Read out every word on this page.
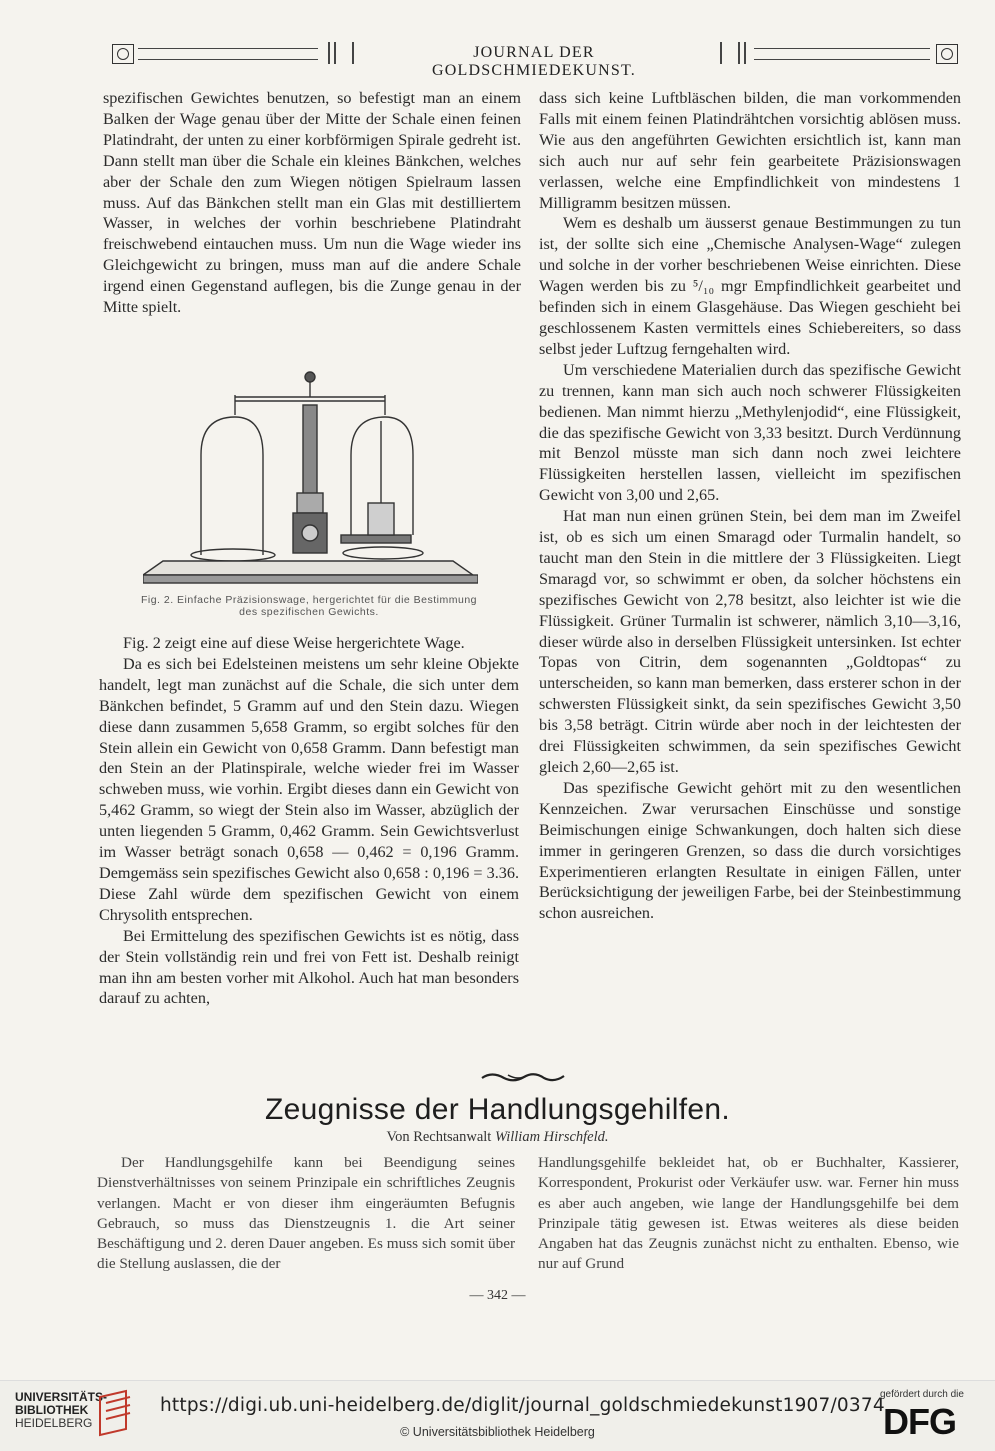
JOURNAL DER GOLDSCHMIEDEKUNST.

spezifischen Gewichtes benutzen, so befestigt man an einem Balken der Wage genau über der Mitte der Schale einen feinen Platindraht, der unten zu einer korbförmigen Spirale gedreht ist. Dann stellt man über die Schale ein kleines Bänkchen, welches aber der Schale den zum Wiegen nötigen Spielraum lassen muss. Auf das Bänkchen stellt man ein Glas mit destilliertem Wasser, in welches der vorhin beschriebene Platindraht freischwebend eintauchen muss. Um nun die Wage wieder ins Gleichgewicht zu bringen, muss man auf die andere Schale irgend einen Gegenstand auflegen, bis die Zunge genau in der Mitte spielt.

Fig. 2. Einfache Präzisionswage, hergerichtet für die Bestimmung
des spezifischen Gewichts.

Fig. 2 zeigt eine auf diese Weise hergerichtete Wage.

Da es sich bei Edelsteinen meistens um sehr kleine Objekte handelt, legt man zunächst auf die Schale, die sich unter dem Bänkchen befindet, 5 Gramm auf und den Stein dazu. Wiegen diese dann zusammen 5,658 Gramm, so ergibt solches für den Stein allein ein Gewicht von 0,658 Gramm. Dann befestigt man den Stein an der Platinspirale, welche wieder frei im Wasser schweben muss, wie vorhin. Ergibt dieses dann ein Gewicht von 5,462 Gramm, so wiegt der Stein also im Wasser, abzüglich der unten liegenden 5 Gramm, 0,462 Gramm. Sein Gewichtsverlust im Wasser beträgt sonach 0,658 — 0,462 = 0,196 Gramm. Demgemäss sein spezifisches Gewicht also 0,658 : 0,196 = 3.36. Diese Zahl würde dem spezifischen Gewicht von einem Chrysolith entsprechen.

Bei Ermittelung des spezifischen Gewichts ist es nötig, dass der Stein vollständig rein und frei von Fett ist. Deshalb reinigt man ihn am besten vorher mit Alkohol. Auch hat man besonders darauf zu achten,

dass sich keine Luftbläschen bilden, die man vorkommenden Falls mit einem feinen Platindrähtchen vorsichtig ablösen muss. Wie aus den angeführten Gewichten ersichtlich ist, kann man sich auch nur auf sehr fein gearbeitete Präzisionswagen verlassen, welche eine Empfindlichkeit von mindestens 1 Milligramm besitzen müssen.

Wem es deshalb um äusserst genaue Bestimmungen zu tun ist, der sollte sich eine „Chemische Analysen-Wage“ zulegen und solche in der vorher beschriebenen Weise einrichten. Diese Wagen werden bis zu ⁵/₁₀ mgr Empfindlichkeit gearbeitet und befinden sich in einem Glasgehäuse. Das Wiegen geschieht bei geschlossenem Kasten vermittels eines Schiebereiters, so dass selbst jeder Luftzug ferngehalten wird.

Um verschiedene Materialien durch das spezifische Gewicht zu trennen, kann man sich auch noch schwerer Flüssigkeiten bedienen. Man nimmt hierzu „Methylenjodid“, eine Flüssigkeit, die das spezifische Gewicht von 3,33 besitzt. Durch Verdünnung mit Benzol müsste man sich dann noch zwei leichtere Flüssigkeiten herstellen lassen, vielleicht im spezifischen Gewicht von 3,00 und 2,65.

Hat man nun einen grünen Stein, bei dem man im Zweifel ist, ob es sich um einen Smaragd oder Turmalin handelt, so taucht man den Stein in die mittlere der 3 Flüssigkeiten. Liegt Smaragd vor, so schwimmt er oben, da solcher höchstens ein spezifisches Gewicht von 2,78 besitzt, also leichter ist wie die Flüssigkeit. Grüner Turmalin ist schwerer, nämlich 3,10—3,16, dieser würde also in derselben Flüssigkeit untersinken. Ist echter Topas von Citrin, dem sogenannten „Goldtopas“ zu unterscheiden, so kann man bemerken, dass ersterer schon in der schwersten Flüssigkeit sinkt, da sein spezifisches Gewicht 3,50 bis 3,58 beträgt. Citrin würde aber noch in der leichtesten der drei Flüssigkeiten schwimmen, da sein spezifisches Gewicht gleich 2,60—2,65 ist.

Das spezifische Gewicht gehört mit zu den wesentlichen Kennzeichen. Zwar verursachen Einschüsse und sonstige Beimischungen einige Schwankungen, doch halten sich diese immer in geringeren Grenzen, so dass die durch vorsichtiges Experimentieren erlangten Resultate in einigen Fällen, unter Berücksichtigung der jeweiligen Farbe, bei der Steinbestimmung schon ausreichen.

Zeugnisse der Handlungsgehilfen.
Von Rechtsanwalt William Hirschfeld.

Der Handlungsgehilfe kann bei Beendigung seines Dienstverhältnisses von seinem Prinzipale ein schriftliches Zeugnis verlangen. Macht er von dieser ihm eingeräumten Befugnis Gebrauch, so muss das Dienstzeugnis 1. die Art seiner Beschäftigung und 2. deren Dauer angeben. Es muss sich somit über die Stellung auslassen, die der

Handlungsgehilfe bekleidet hat, ob er Buchhalter, Kassierer, Korrespondent, Prokurist oder Verkäufer usw. war. Ferner hin muss es aber auch angeben, wie lange der Handlungsgehilfe bei dem Prinzipale tätig gewesen ist. Etwas weiteres als diese beiden Angaben hat das Zeugnis zunächst nicht zu enthalten. Ebenso, wie nur auf Grund

— 342 —
UNIVERSITÄTS-
BIBLIOTHEK
HEIDELBERG
https://digi.ub.uni-heidelberg.de/diglit/journal_goldschmiedekunst1907/0374
© Universitätsbibliothek Heidelberg
gefördert durch die
DFG
